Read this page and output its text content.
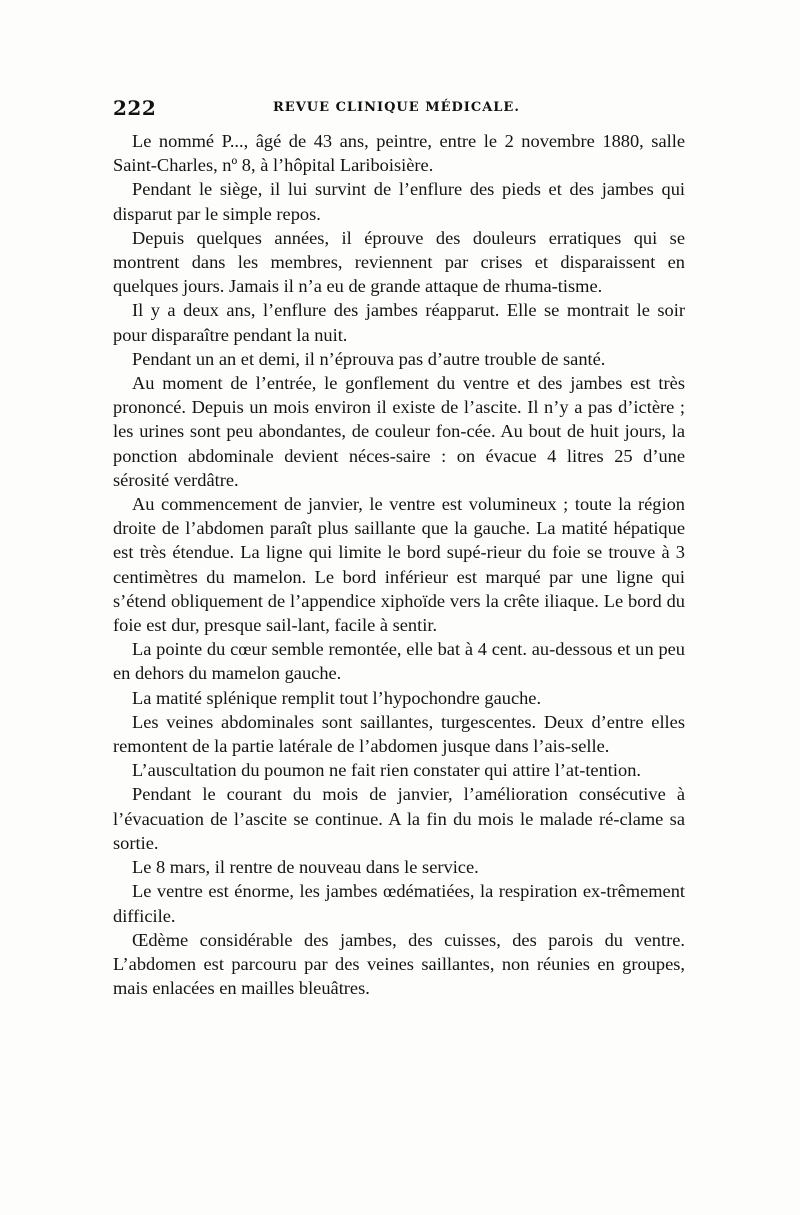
222	REVUE CLINIQUE MÉDICALE.

Le nommé P..., âgé de 43 ans, peintre, entre le 2 novembre 1880, salle Saint-Charles, nº 8, à l’hôpital Lariboisière.

Pendant le siège, il lui survint de l’enflure des pieds et des jambes qui disparut par le simple repos.

Depuis quelques années, il éprouve des douleurs erratiques qui se montrent dans les membres, reviennent par crises et disparaissent en quelques jours. Jamais il n’a eu de grande attaque de rhuma-tisme.

Il y a deux ans, l’enflure des jambes réapparut. Elle se montrait le soir pour disparaître pendant la nuit.

Pendant un an et demi, il n’éprouva pas d’autre trouble de santé.

Au moment de l’entrée, le gonflement du ventre et des jambes est très prononcé. Depuis un mois environ il existe de l’ascite. Il n’y a pas d’ictère ; les urines sont peu abondantes, de couleur fon-cée. Au bout de huit jours, la ponction abdominale devient néces-saire : on évacue 4 litres 25 d’une sérosité verdâtre.

Au commencement de janvier, le ventre est volumineux ; toute la région droite de l’abdomen paraît plus saillante que la gauche. La matité hépatique est très étendue. La ligne qui limite le bord supé-rieur du foie se trouve à 3 centimètres du mamelon. Le bord inférieur est marqué par une ligne qui s’étend obliquement de l’appendice xiphoïde vers la crête iliaque. Le bord du foie est dur, presque sail-lant, facile à sentir.

La pointe du cœur semble remontée, elle bat à 4 cent. au-dessous et un peu en dehors du mamelon gauche.

La matité splénique remplit tout l’hypochondre gauche.

Les veines abdominales sont saillantes, turgescentes. Deux d’entre elles remontent de la partie latérale de l’abdomen jusque dans l’ais-selle.

L’auscultation du poumon ne fait rien constater qui attire l’at-tention.

Pendant le courant du mois de janvier, l’amélioration consécutive à l’évacuation de l’ascite se continue. A la fin du mois le malade ré-clame sa sortie.

Le 8 mars, il rentre de nouveau dans le service.

Le ventre est énorme, les jambes œdématiées, la respiration ex-trêmement difficile.

Œdème considérable des jambes, des cuisses, des parois du ventre. L’abdomen est parcouru par des veines saillantes, non réunies en groupes, mais enlacées en mailles bleuâtres.
